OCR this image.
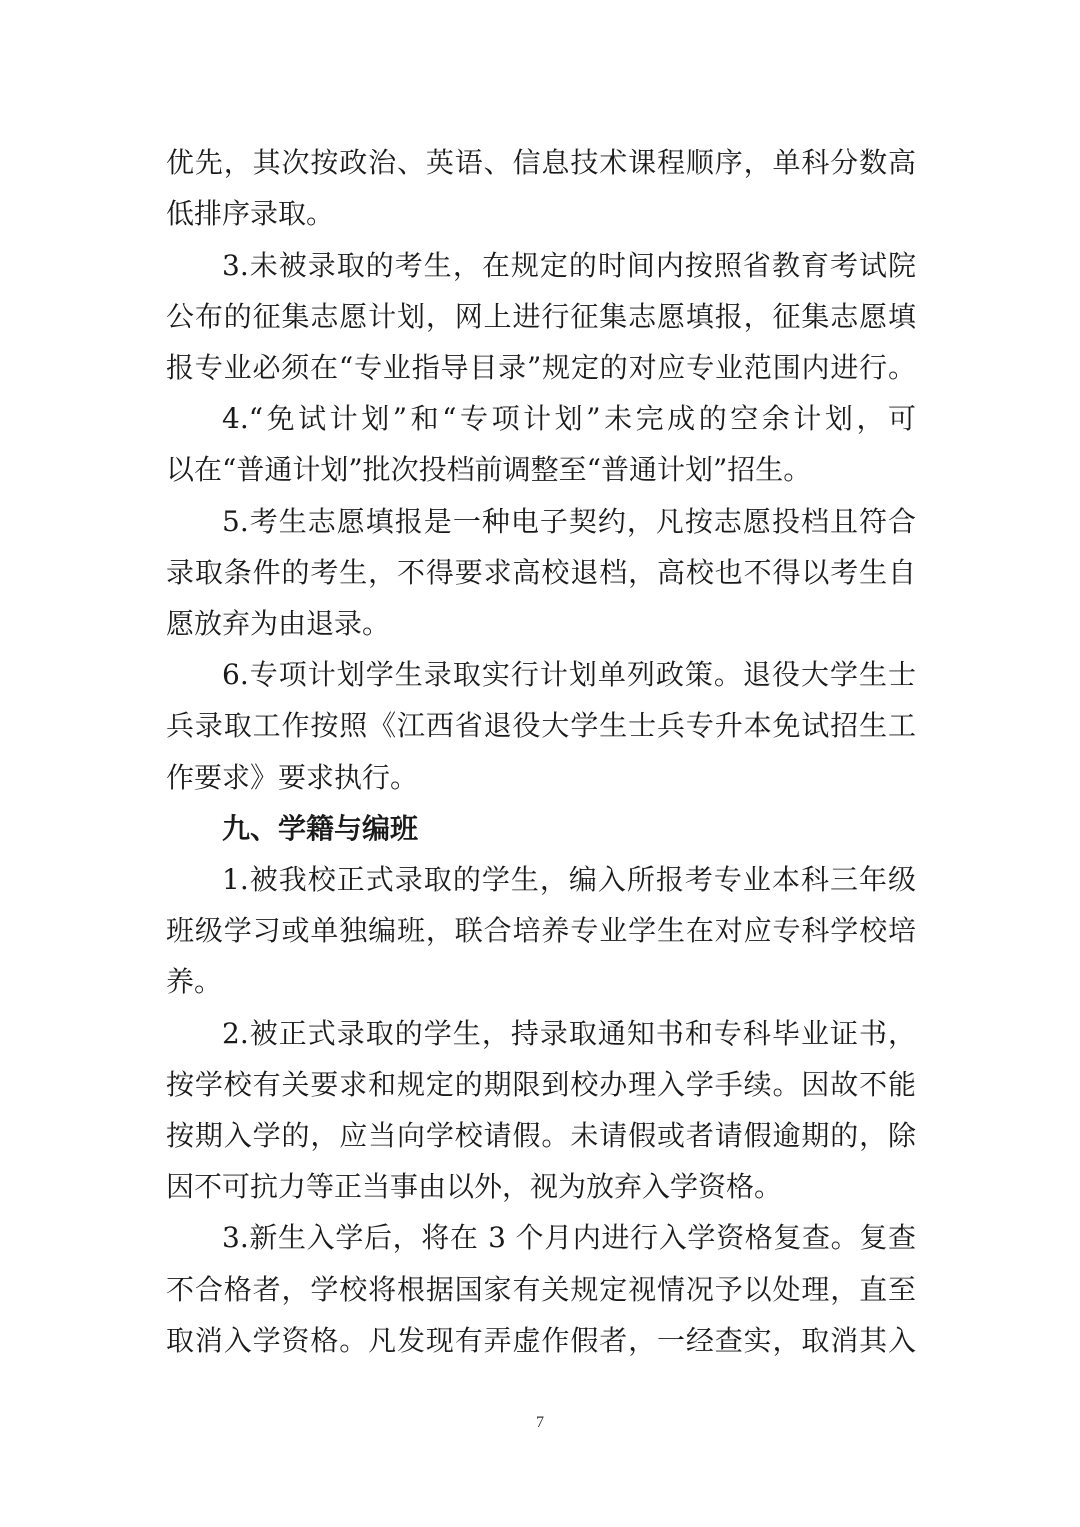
优先，其次按政治、英语、信息技术课程顺序，单科分数高
低排序录取。
3.未被录取的考生，在规定的时间内按照省教育考试院
公布的征集志愿计划，网上进行征集志愿填报，征集志愿填
报专业必须在“专业指导目录”规定的对应专业范围内进行。
4.“免试计划”和“专项计划”未完成的空余计划，可
以在“普通计划”批次投档前调整至“普通计划”招生。
5.考生志愿填报是一种电子契约，凡按志愿投档且符合
录取条件的考生，不得要求高校退档，高校也不得以考生自
愿放弃为由退录。
6.专项计划学生录取实行计划单列政策。退役大学生士
兵录取工作按照《江西省退役大学生士兵专升本免试招生工
作要求》要求执行。
九、学籍与编班
1.被我校正式录取的学生，编入所报考专业本科三年级
班级学习或单独编班，联合培养专业学生在对应专科学校培
养。
2.被正式录取的学生，持录取通知书和专科毕业证书，
按学校有关要求和规定的期限到校办理入学手续。因故不能
按期入学的，应当向学校请假。未请假或者请假逾期的，除
因不可抗力等正当事由以外，视为放弃入学资格。
3.新生入学后，将在 3 个月内进行入学资格复查。复查
不合格者，学校将根据国家有关规定视情况予以处理，直至
取消入学资格。凡发现有弄虚作假者，一经查实，取消其入
7
